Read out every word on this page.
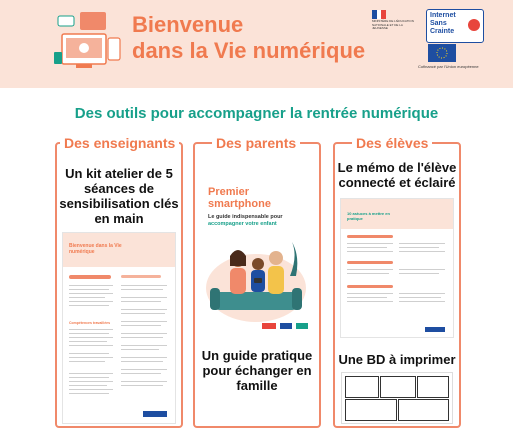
Bienvenue
dans la Vie numérique
MINISTÈRE DE L'ÉDUCATION NATIONALE ET DE LA JEUNESSE
Internet Sans Crainte
Cofinancé par l'Union européenne
Des outils pour accompagner la rentrée numérique
Un kit atelier de 5 séances de sensibilisation clés en main
Bienvenue dans la Vie numérique
Compétences travaillées
Des enseignants
Premier smartphone
Le guide indispensable pour
accompagner votre enfant
Un guide pratique pour échanger en famille
Des parents
Le mémo de l'élève connecté et éclairé
10 astuces à mettre en pratique
Une BD à imprimer
Des élèves
